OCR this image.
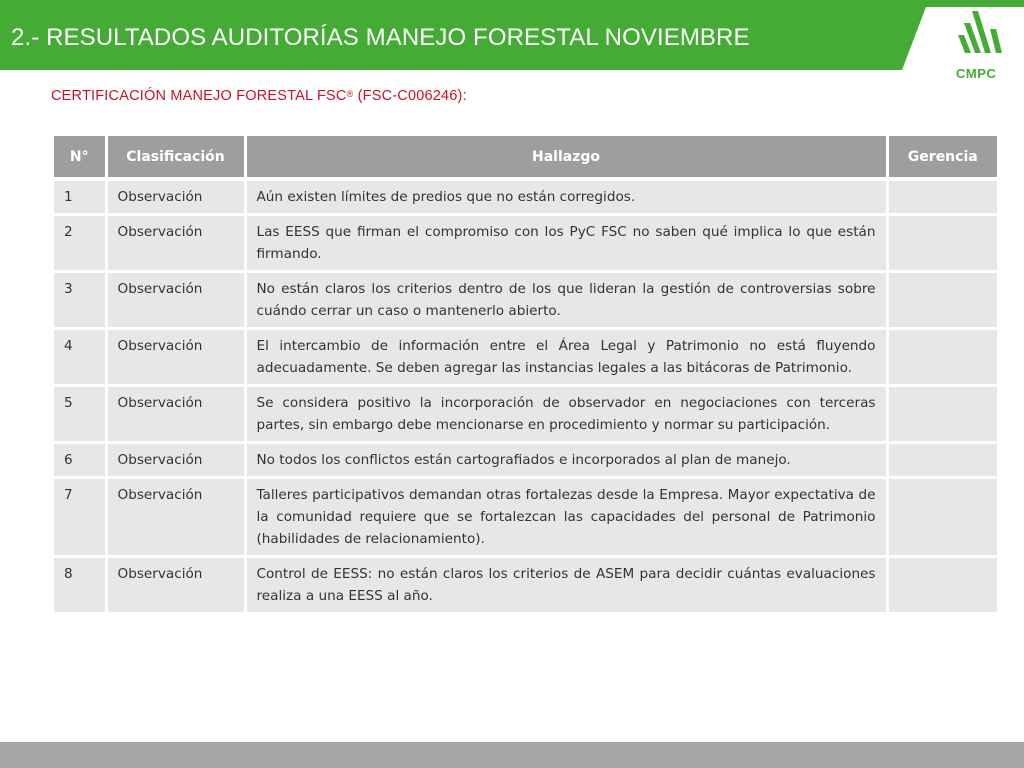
2.- RESULTADOS AUDITORÍAS MANEJO FORESTAL NOVIEMBRE
CMPC
CERTIFICACIÓN MANEJO FORESTAL FSC® (FSC-C006246):
N°	Clasificación	Hallazgo	Gerencia
1	Observación	Aún existen límites de predios que no están corregidos.	
2	Observación	Las EESS que firman el compromiso con los PyC FSC no saben qué implica lo que están firmando.	
3	Observación	No están claros los criterios dentro de los que lideran la gestión de controversias sobre cuándo cerrar un caso o mantenerlo abierto.	
4	Observación	El intercambio de información entre el Área Legal y Patrimonio no está fluyendo adecuadamente. Se deben agregar las instancias legales a las bitácoras de Patrimonio.	
5	Observación	Se considera positivo la incorporación de observador en negociaciones con terceras partes, sin embargo debe mencionarse en procedimiento y normar su participación.	
6	Observación	No todos los conflictos están cartografiados e incorporados al plan de manejo.	
7	Observación	Talleres participativos demandan otras fortalezas desde la Empresa. Mayor expectativa de la comunidad requiere que se fortalezcan las capacidades del personal de Patrimonio (habilidades de relacionamiento).	
8	Observación	Control de EESS: no están claros los criterios de ASEM para decidir cuántas evaluaciones realiza a una EESS al año.	
